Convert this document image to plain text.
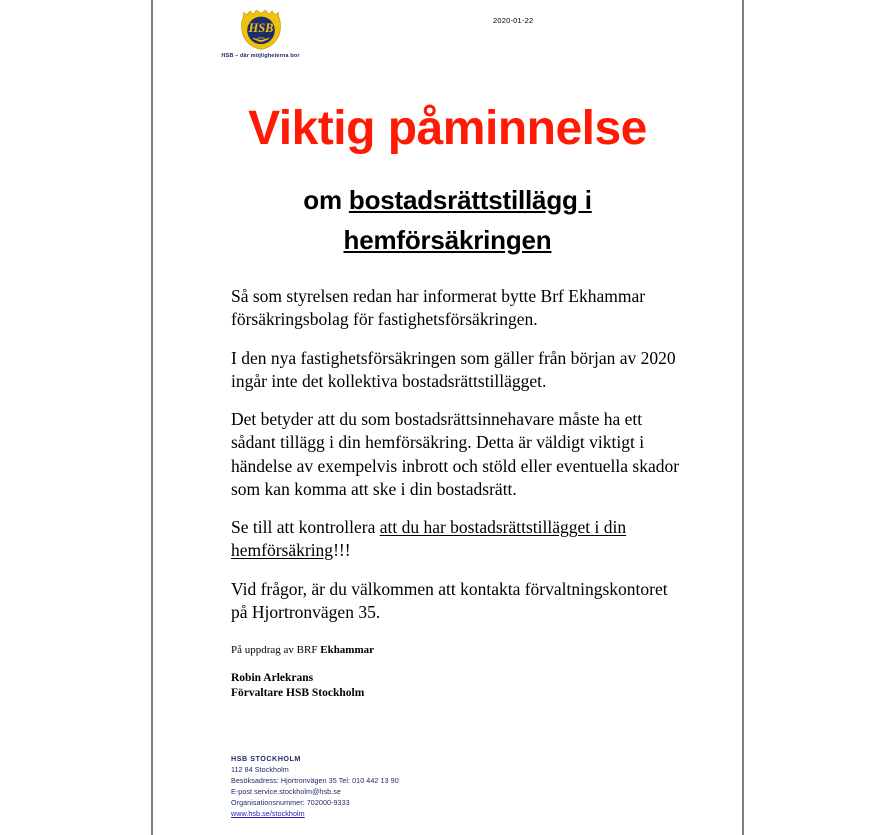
HSB
HSB – där möjligheterna bor
2020-01-22
Viktig påminnelse
om bostadsrättstillägg i
hemförsäkringen

Så som styrelsen redan har informerat bytte Brf Ekhammar försäkringsbolag för fastighetsförsäkringen.

I den nya fastighetsförsäkringen som gäller från början av 2020 ingår inte det kollektiva bostadsrättstillägget.

Det betyder att du som bostadsrättsinnehavare måste ha ett sådant tillägg i din hemförsäkring. Detta är väldigt viktigt i händelse av exempelvis inbrott och stöld eller eventuella skador som kan komma att ske i din bostadsrätt.

Se till att kontrollera att du har bostadsrättstillägget i din hemförsäkring!!!

Vid frågor, är du välkommen att kontakta förvaltningskontoret på Hjortronvägen 35.

På uppdrag av BRF Ekhammar
Robin Arlekrans
Förvaltare HSB Stockholm
HSB STOCKHOLM
112 84 Stockholm
Besöksadress: Hjortronvägen 35 Tel: 010 442 13 90
E-post service.stockholm@hsb.se
Organisationsnummer: 702000-9333
www.hsb.se/stockholm
